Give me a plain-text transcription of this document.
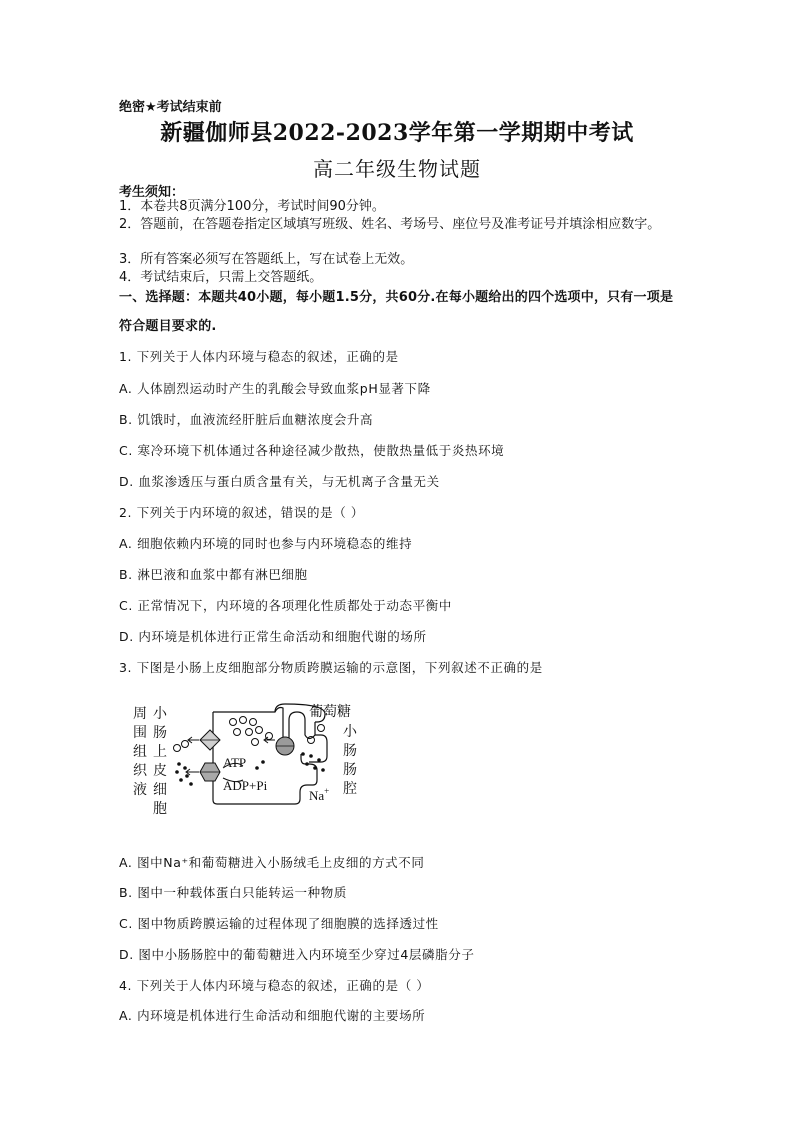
绝密★考试结束前
新疆伽师县2022-2023学年第一学期期中考试
高二年级生物试题
考生须知：
1．本卷共8页满分100分，考试时间90分钟。
2．答题前，在答题卷指定区域填写班级、姓名、考场号、座位号及准考证号并填涂相应数字。
3．所有答案必须写在答题纸上，写在试卷上无效。
4．考试结束后，只需上交答题纸。
一、选择题：本题共40小题，每小题1.5分，共60分.在每小题给出的四个选项中，只有一项是符合题目要求的.
1. 下列关于人体内环境与稳态的叙述，正确的是
A. 人体剧烈运动时产生的乳酸会导致血浆pH显著下降
B. 饥饿时，血液流经肝脏后血糖浓度会升高
C. 寒冷环境下机体通过各种途径减少散热，使散热量低于炎热环境
D. 血浆渗透压与蛋白质含量有关，与无机离子含量无关
2. 下列关于内环境的叙述，错误的是（ ）
A. 细胞依赖内环境的同时也参与内环境稳态的维持
B. 淋巴液和血浆中都有淋巴细胞
C. 正常情况下，内环境的各项理化性质都处于动态平衡中
D. 内环境是机体进行正常生命活动和细胞代谢的场所
3. 下图是小肠上皮细胞部分物质跨膜运输的示意图，下列叙述不正确的是
周围组织液
小肠上皮细胞
葡萄糖
小肠肠腔
ATP
ADP+Pi
Na+
A. 图中Na⁺和葡萄糖进入小肠绒毛上皮细的方式不同
B. 图中一种载体蛋白只能转运一种物质
C. 图中物质跨膜运输的过程体现了细胞膜的选择透过性
D. 图中小肠肠腔中的葡萄糖进入内环境至少穿过4层磷脂分子
4. 下列关于人体内环境与稳态的叙述，正确的是（ ）
A. 内环境是机体进行生命活动和细胞代谢的主要场所
